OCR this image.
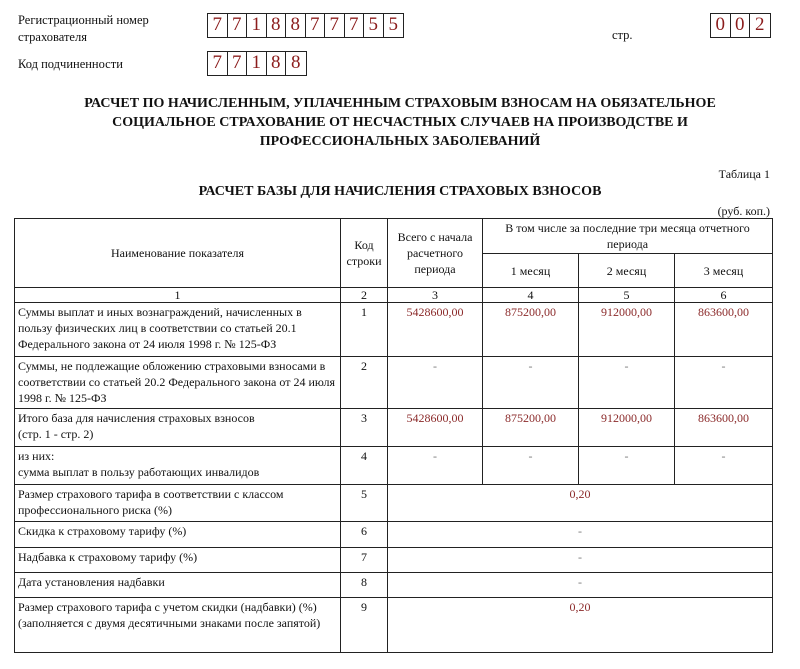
Регистрационный номер
страхователя
7 7 1 8 8 7 7 7 5 5	стр.	0 0 2
Код подчиненности	7 7 1 8 8
РАСЧЕТ ПО НАЧИСЛЕННЫМ, УПЛАЧЕННЫМ СТРАХОВЫМ ВЗНОСАМ НА ОБЯЗАТЕЛЬНОЕ
СОЦИАЛЬНОЕ СТРАХОВАНИЕ ОТ НЕСЧАСТНЫХ СЛУЧАЕВ НА ПРОИЗВОДСТВЕ И
ПРОФЕССИОНАЛЬНЫХ ЗАБОЛЕВАНИЙ
Таблица 1
РАСЧЕТ БАЗЫ ДЛЯ НАЧИСЛЕНИЯ СТРАХОВЫХ ВЗНОСОВ
(руб. коп.)
Наименование показателя	Код строки	Всего с начала расчетного периода	В том числе за последние три месяца отчетного периода		
			1 месяц	2 месяц	3 месяц
1	2	3	4	5	6
Суммы выплат и иных вознаграждений, начисленных в пользу физических лиц в соответствии со статьей 20.1 Федерального закона от 24 июля 1998 г. № 125-ФЗ	1	5428600,00	875200,00	912000,00	863600,00
Суммы, не подлежащие обложению страховыми взносами в соответствии со статьей 20.2 Федерального закона от 24 июля 1998 г. № 125-ФЗ	2	-	-	-	-

Итого база для начисления страховых взносов
(стр. 1 - стр. 2)	3	5428600,00	875200,00	912000,00	863600,00

из них:
сумма выплат в пользу работающих инвалидов	4	-	-	-	-
Размер страхового тарифа в соответствии с классом профессионального риска (%)	5	0,20			
Скидка к страховому тарифу (%)	6	-			
Надбавка к страховому тарифу (%)	7	-			
Дата установления надбавки	8	-			

Размер страхового тарифа с учетом скидки (надбавки) (%)
(заполняется с двумя десятичными знаками после запятой)	9	0,20			
